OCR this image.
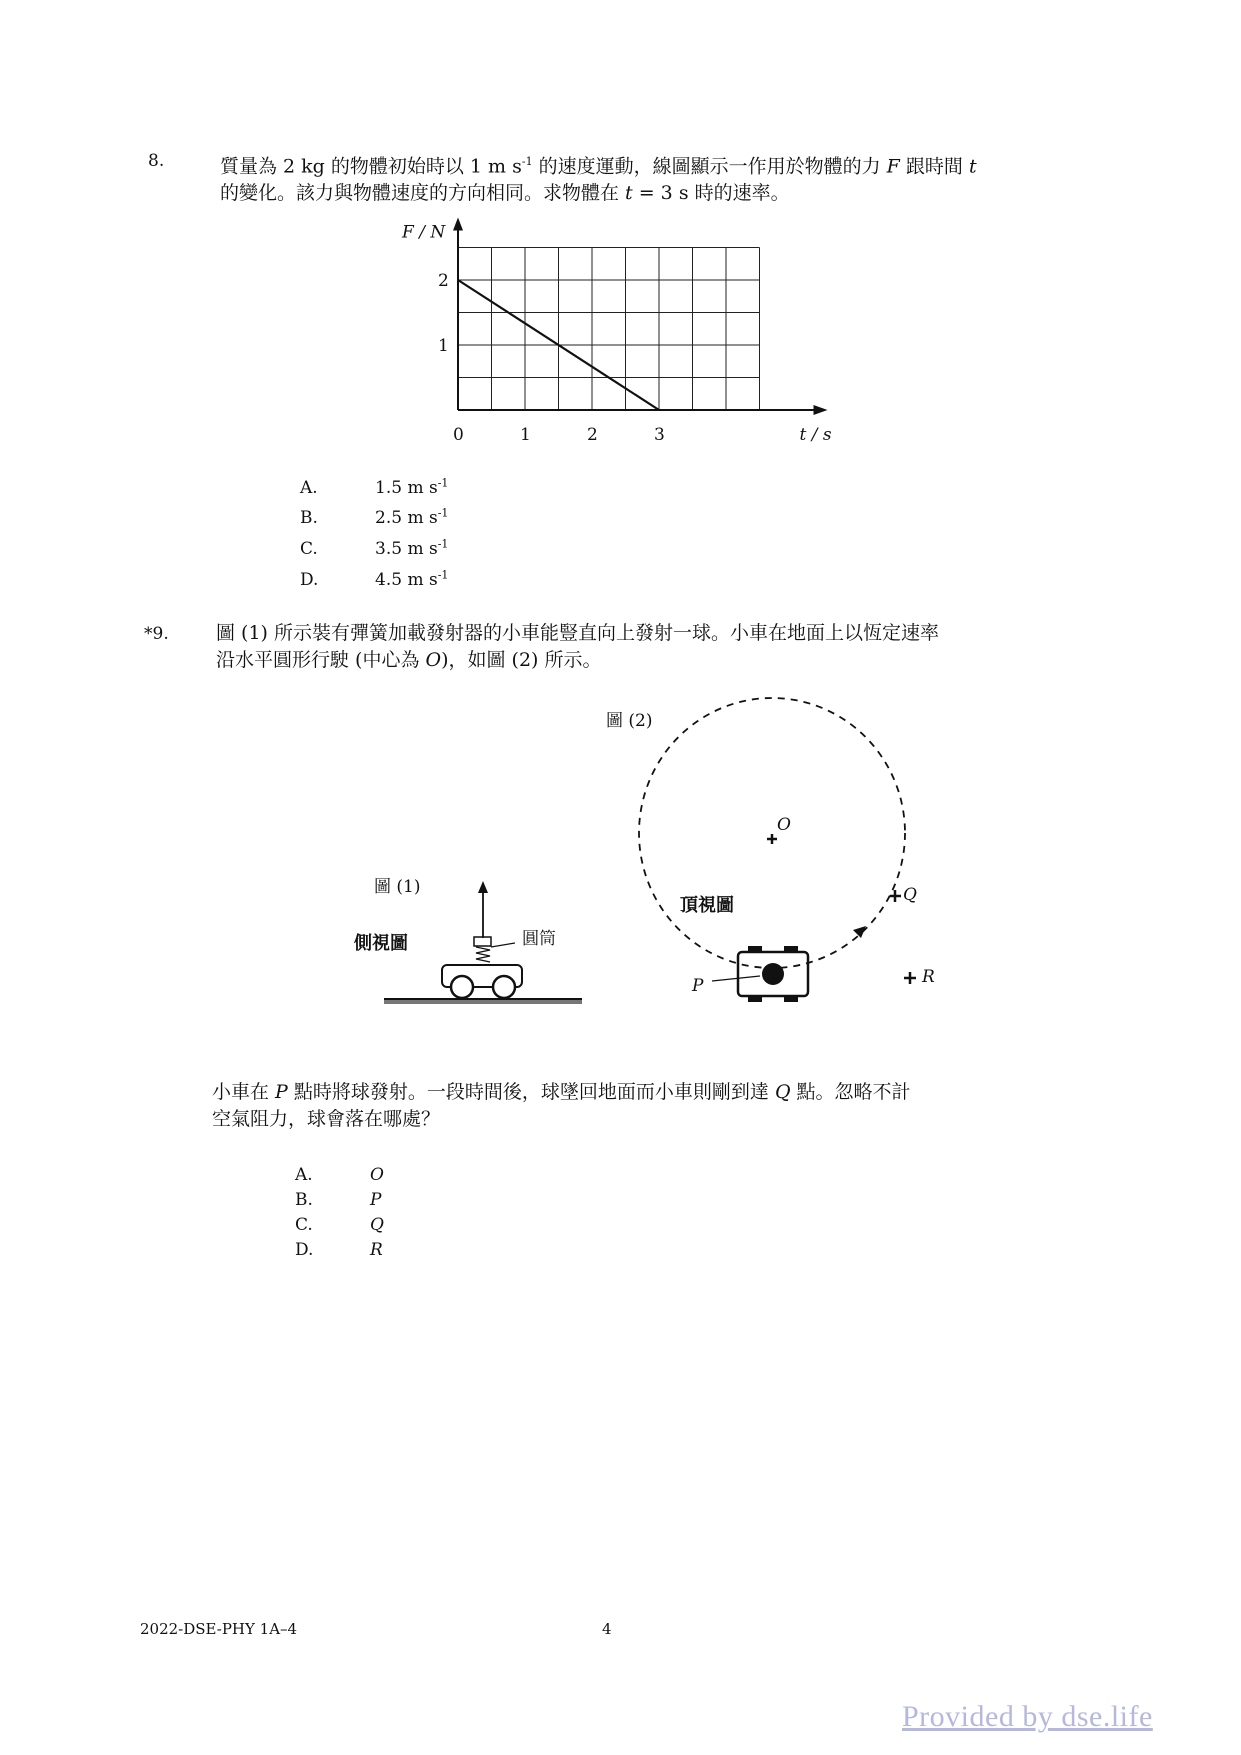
8.	質量為 2 kg 的物體初始時以 1 m $s^{-1}$ 的速度運動，線圖顯示一作用於物體的力 F 跟時間 t
的變化。該力與物體速度的方向相同。求物體在 t = 3 s 時的速率。
0	1	2	3
1
2
t / s
F / N
A.	1.5 m $s^{-1}$
B.	2.5 m $s^{-1}$
C.	3.5 m $s^{-1}$
D.	4.5 m $s^{-1}$
*9. 圖 (1) 所示裝有彈簧加載發射器的小車能豎直向上發射一球。小車在地面上以恆定速率
沿水平圓形行駛 (中心為 O)，如圖 (2) 所示。
圖 (1)
側視圖	圓筒
圖 (2)
頂視圖
O
Q
R
P
小車在 P 點時將球發射。一段時間後，球墜回地面而小車則剛到達 Q 點。忽略不計
空氣阻力，球會落在哪處？
A.	O
B.	P
C.	Q
D.	R
2022-DSE-PHY 1A–4	4
Provided by dse.life
